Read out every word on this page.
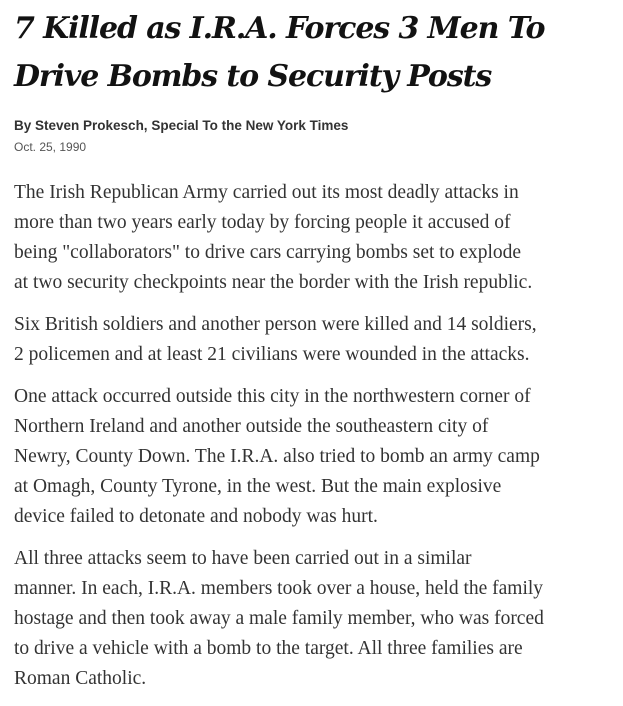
7 Killed as I.R.A. Forces 3 Men To
Drive Bombs to Security Posts
By Steven Prokesch, Special To the New York Times
Oct. 25, 1990

The Irish Republican Army carried out its most deadly attacks in
more than two years early today by forcing people it accused of
being "collaborators" to drive cars carrying bombs set to explode
at two security checkpoints near the border with the Irish republic.

Six British soldiers and another person were killed and 14 soldiers,
2 policemen and at least 21 civilians were wounded in the attacks.

One attack occurred outside this city in the northwestern corner of
Northern Ireland and another outside the southeastern city of
Newry, County Down. The I.R.A. also tried to bomb an army camp
at Omagh, County Tyrone, in the west. But the main explosive
device failed to detonate and nobody was hurt.

All three attacks seem to have been carried out in a similar
manner. In each, I.R.A. members took over a house, held the family
hostage and then took away a male family member, who was forced
to drive a vehicle with a bomb to the target. All three families are
Roman Catholic.
